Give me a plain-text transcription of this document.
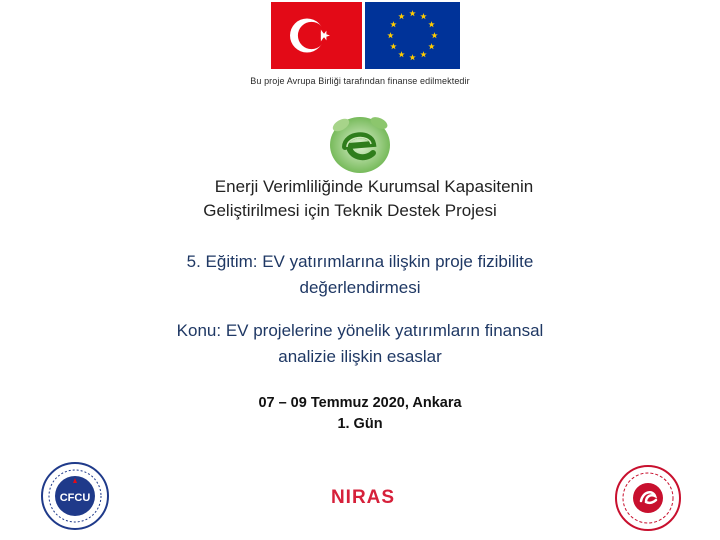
Bu proje Avrupa Birliği tarafından finanse edilmektedir
Enerji Verimliliğinde Kurumsal Kapasitenin
Geliştirilmesi için Teknik Destek Projesi
5. Eğitim: EV yatırımlarına ilişkin proje fizibilite
değerlendirmesi
Konu: EV projelerine yönelik yatırımların finansal
analizie ilişkin esaslar
07 – 09 Temmuz 2020, Ankara
1. Gün
CFCU	NIRAS
